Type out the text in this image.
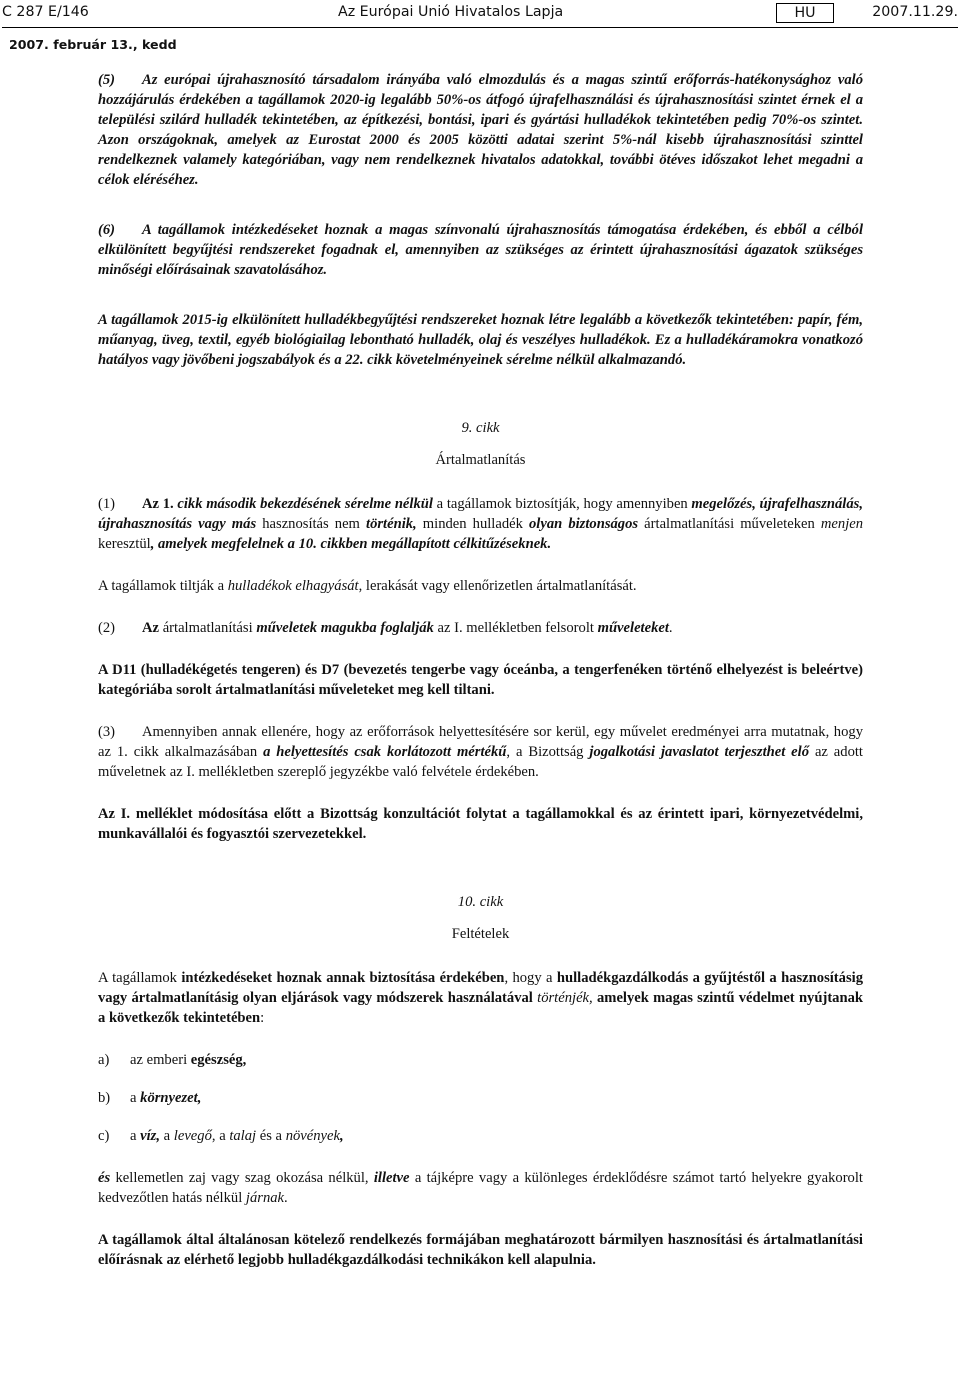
C 287 E/146	Az Európai Unió Hivatalos Lapja	HU	2007.11.29.
2007. február 13., kedd

(5) Az európai újrahasznosító társadalom irányába való elmozdulás és a magas szintű erőforrás-hatékonysághoz való hozzájárulás érdekében a tagállamok 2020-ig legalább 50%-os átfogó újrafelhasználási és újrahasznosítási szintet érnek el a települési szilárd hulladék tekintetében, az építkezési, bontási, ipari és gyártási hulladékok tekintetében pedig 70%-os szintet. Azon országoknak, amelyek az Eurostat 2000 és 2005 közötti adatai szerint 5%-nál kisebb újrahasznosítási szinttel rendelkeznek valamely kategóriában, vagy nem rendelkeznek hivatalos adatokkal, további ötéves időszakot lehet megadni a célok eléréséhez.

(6) A tagállamok intézkedéseket hoznak a magas színvonalú újrahasznosítás támogatása érdekében, és ebből a célból elkülönített begyűjtési rendszereket fogadnak el, amennyiben az szükséges az érintett újrahasznosítási ágazatok szükséges minőségi előírásainak szavatolásához.

A tagállamok 2015-ig elkülönített hulladékbegyűjtési rendszereket hoznak létre legalább a következők tekintetében: papír, fém, műanyag, üveg, textil, egyéb biológiailag lebontható hulladék, olaj és veszélyes hulladékok. Ez a hulladékáramokra vonatkozó hatályos vagy jövőbeni jogszabályok és a 22. cikk követelményeinek sérelme nélkül alkalmazandó.

9. cikk
Ártalmatlanítás

(1) Az 1. cikk második bekezdésének sérelme nélkül a tagállamok biztosítják, hogy amennyiben megelőzés, újrafelhasználás, újrahasznosítás vagy más hasznosítás nem történik, minden hulladék olyan biztonságos ártalmatlanítási műveleteken menjen keresztül, amelyek megfelelnek a 10. cikkben megállapított célkitűzéseknek.

A tagállamok tiltják a hulladékok elhagyását, lerakását vagy ellenőrizetlen ártalmatlanítását.

(2) Az ártalmatlanítási műveletek magukba foglalják az I. mellékletben felsorolt műveleteket.

A D11 (hulladékégetés tengeren) és D7 (bevezetés tengerbe vagy óceánba, a tengerfenéken történő elhelyezést is beleértve) kategóriába sorolt ártalmatlanítási műveleteket meg kell tiltani.

(3) Amennyiben annak ellenére, hogy az erőforrások helyettesítésére sor kerül, egy művelet eredményei arra mutatnak, hogy az 1. cikk alkalmazásában a helyettesítés csak korlátozott mértékű, a Bizottság jogalkotási javaslatot terjeszthet elő az adott műveletnek az I. mellékletben szereplő jegyzékbe való felvétele érdekében.

Az I. melléklet módosítása előtt a Bizottság konzultációt folytat a tagállamokkal és az érintett ipari, környezetvédelmi, munkavállalói és fogyasztói szervezetekkel.

10. cikk
Feltételek

A tagállamok intézkedéseket hoznak annak biztosítása érdekében, hogy a hulladékgazdálkodás a gyűjtéstől a hasznosításig vagy ártalmatlanításig olyan eljárások vagy módszerek használatával történjék, amelyek magas szintű védelmet nyújtanak a következők tekintetében:

a) az emberi egészség,
b) a környezet,
c) a víz, a levegő, a talaj és a növények,

és kellemetlen zaj vagy szag okozása nélkül, illetve a tájképre vagy a különleges érdeklődésre számot tartó helyekre gyakorolt kedvezőtlen hatás nélkül járnak.

A tagállamok által általánosan kötelező rendelkezés formájában meghatározott bármilyen hasznosítási és ártalmatlanítási előírásnak az elérhető legjobb hulladékgazdálkodási technikákon kell alapulnia.
